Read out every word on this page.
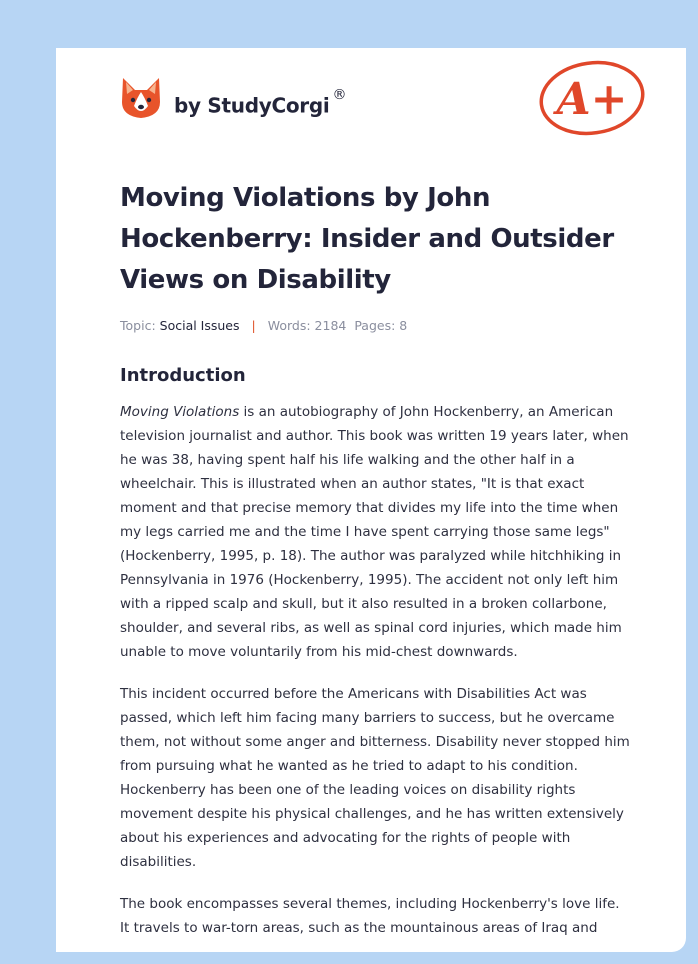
by StudyCorgi ®	A+
Moving Violations by John Hockenberry: Insider and Outsider Views on Disability
Topic: Social Issues | Words: 2184 Pages: 8
Introduction

Moving Violations is an autobiography of John Hockenberry, an American television journalist and author. This book was written 19 years later, when he was 38, having spent half his life walking and the other half in a wheelchair. This is illustrated when an author states, "It is that exact moment and that precise memory that divides my life into the time when my legs carried me and the time I have spent carrying those same legs" (Hockenberry, 1995, p. 18). The author was paralyzed while hitchhiking in Pennsylvania in 1976 (Hockenberry, 1995). The accident not only left him with a ripped scalp and skull, but it also resulted in a broken collarbone, shoulder, and several ribs, as well as spinal cord injuries, which made him unable to move voluntarily from his mid-chest downwards.

This incident occurred before the Americans with Disabilities Act was passed, which left him facing many barriers to success, but he overcame them, not without some anger and bitterness. Disability never stopped him from pursuing what he wanted as he tried to adapt to his condition. Hockenberry has been one of the leading voices on disability rights movement despite his physical challenges, and he has written extensively about his experiences and advocating for the rights of people with disabilities.

The book encompasses several themes, including Hockenberry's love life. It travels to war-torn areas, such as the mountainous areas of Iraq and
